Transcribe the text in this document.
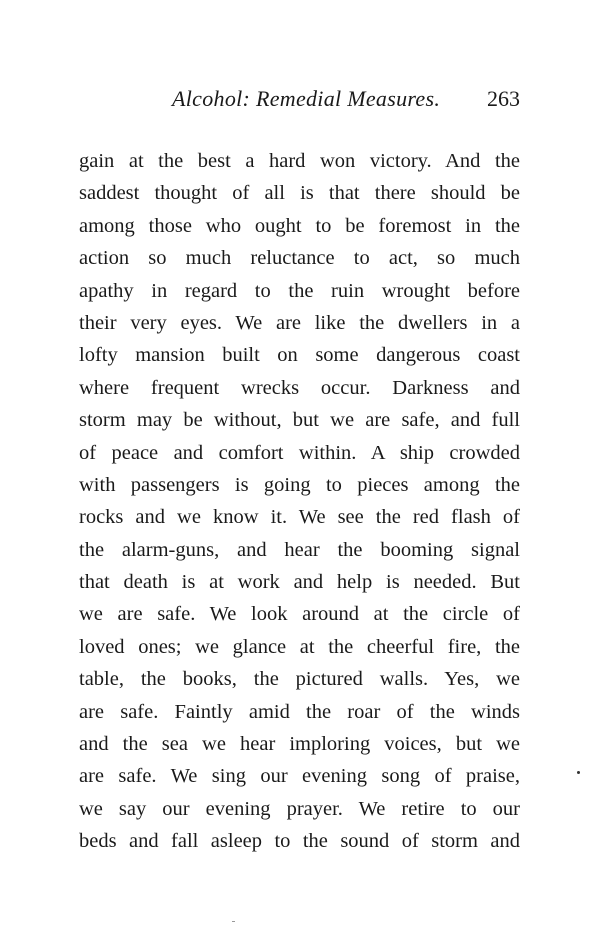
Alcohol: Remedial Measures. 263
gain at the best a hard won victory. And the
saddest thought of all is that there should be
among those who ought to be foremost in the
action so much reluctance to act, so much
apathy in regard to the ruin wrought before
their very eyes. We are like the dwellers in a
lofty mansion built on some dangerous coast
where frequent wrecks occur. Darkness and
storm may be without, but we are safe, and full
of peace and comfort within. A ship crowded
with passengers is going to pieces among the
rocks and we know it. We see the red flash of
the alarm-guns, and hear the booming signal
that death is at work and help is needed. But
we are safe. We look around at the circle of
loved ones; we glance at the cheerful fire, the
table, the books, the pictured walls. Yes, we
are safe. Faintly amid the roar of the winds
and the sea we hear imploring voices, but we
are safe. We sing our evening song of praise,
we say our evening prayer. We retire to our
beds and fall asleep to the sound of storm and
